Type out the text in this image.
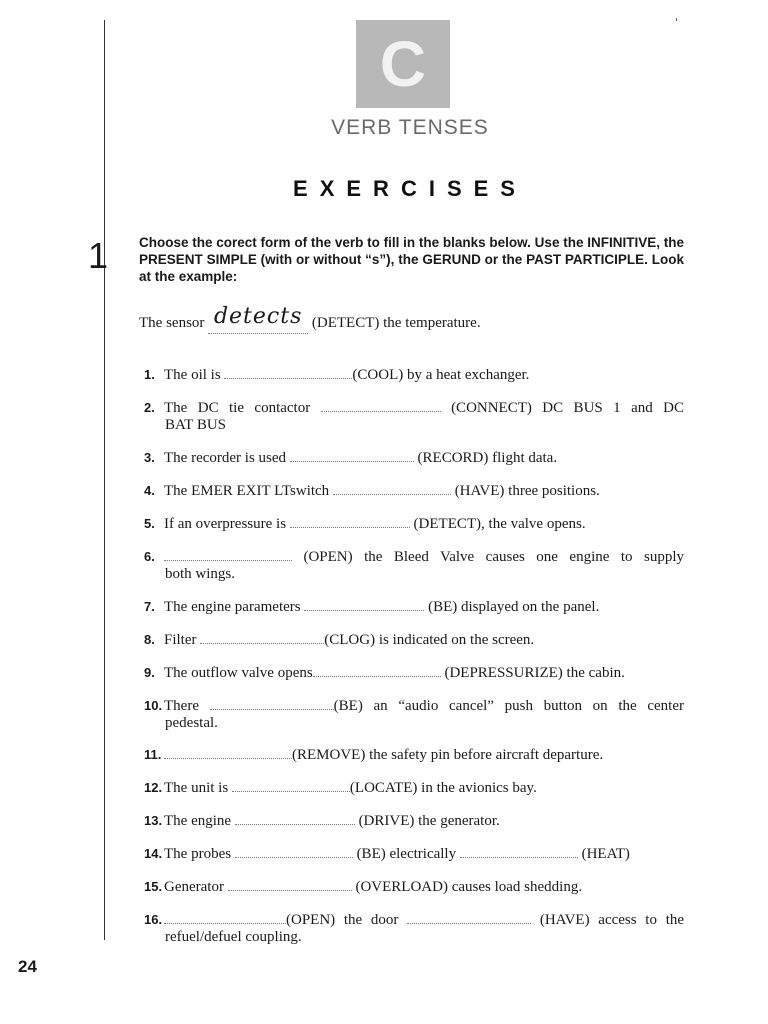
C
VERB TENSES
EXERCISES
1 Choose the corect form of the verb to fill in the blanks below. Use the INFINITIVE, the PRESENT SIMPLE (with or without “s”), the GERUND or the PAST PARTICIPLE. Look at the example:
The sensor detects (DETECT) the temperature.
1. The oil is	(COOL) by a heat exchanger.
2. The DC tie contactor	(CONNECT) DC BUS 1 and DC
BAT BUS
3. The recorder is used	(RECORD) flight data.
4. The EMER EXIT LTswitch	(HAVE) three positions.
5. If an overpressure is	(DETECT), the valve opens.
6.	(OPEN) the Bleed Valve causes one engine to supply
both wings.
7. The engine parameters	(BE) displayed on the panel.
8. Filter	(CLOG) is indicated on the screen.
9. The outflow valve opens	(DEPRESSURIZE) the cabin.
10. There	(BE) an “audio cancel” push button on the center
pedestal.
11.	(REMOVE) the safety pin before aircraft departure.
12. The unit is	(LOCATE) in the avionics bay.
13. The engine	(DRIVE) the generator.
14. The probes	(BE) electrically	(HEAT)
15. Generator	(OVERLOAD) causes load shedding.
16.	(OPEN) the door	(HAVE) access to the
refuel/defuel coupling.
24
